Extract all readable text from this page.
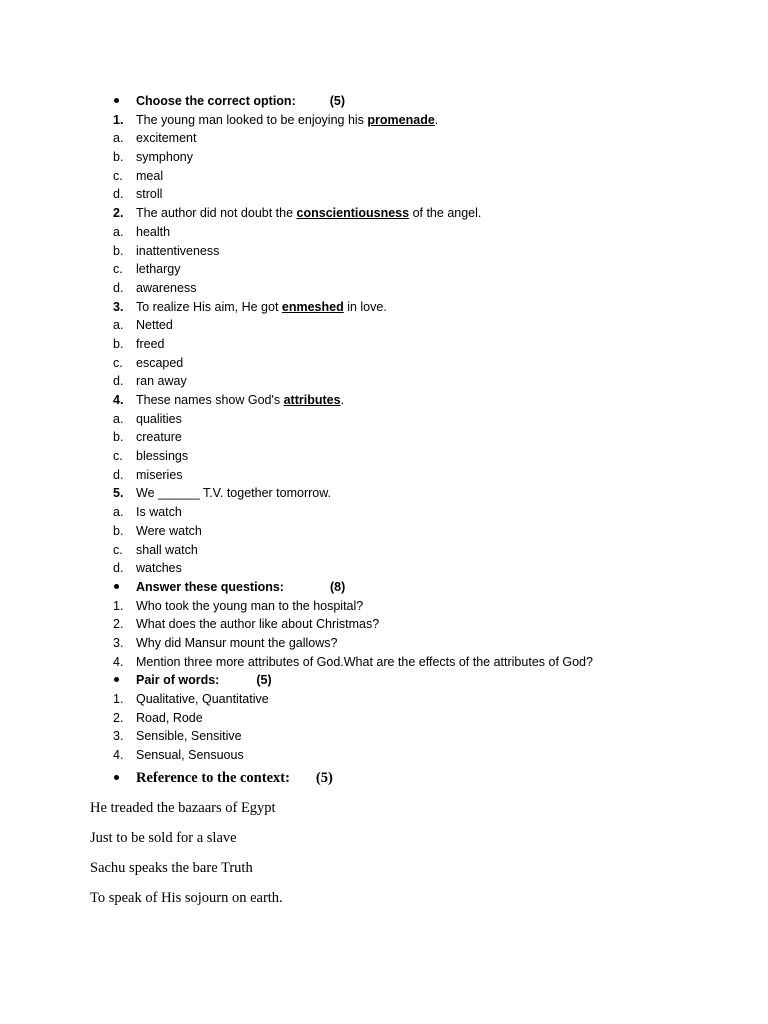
Choose the correct option:	(5)
1.	The young man looked to be enjoying his promenade.
a.	excitement
b.	symphony
c.	meal
d.	stroll
2.	The author did not doubt the conscientiousness of the angel.
a.	health
b.	inattentiveness
c.	lethargy
d.	awareness
3.	To realize His aim, He got enmeshed in love.
a.	Netted
b.	freed
c.	escaped
d.	ran away
4.	These names show God's attributes.
a.	qualities
b.	creature
c.	blessings
d.	miseries
5.	We ______ T.V. together tomorrow.
a.	Is watch
b.	Were watch
c.	shall watch
d.	watches
Answer these questions:	(8)
1.	Who took the young man to the hospital?
2.	What does the author like about Christmas?
3.	Why did Mansur mount the gallows?
4.	Mention three more attributes of God.What are the effects of the attributes of God?
Pair of words:	(5)
1.	Qualitative, Quantitative
2.	Road, Rode
3.	Sensible, Sensitive
4.	Sensual, Sensuous
Reference to the context: (5)
He treaded the bazaars of Egypt
Just to be sold for a slave
Sachu speaks the bare Truth
To speak of His sojourn on earth.
